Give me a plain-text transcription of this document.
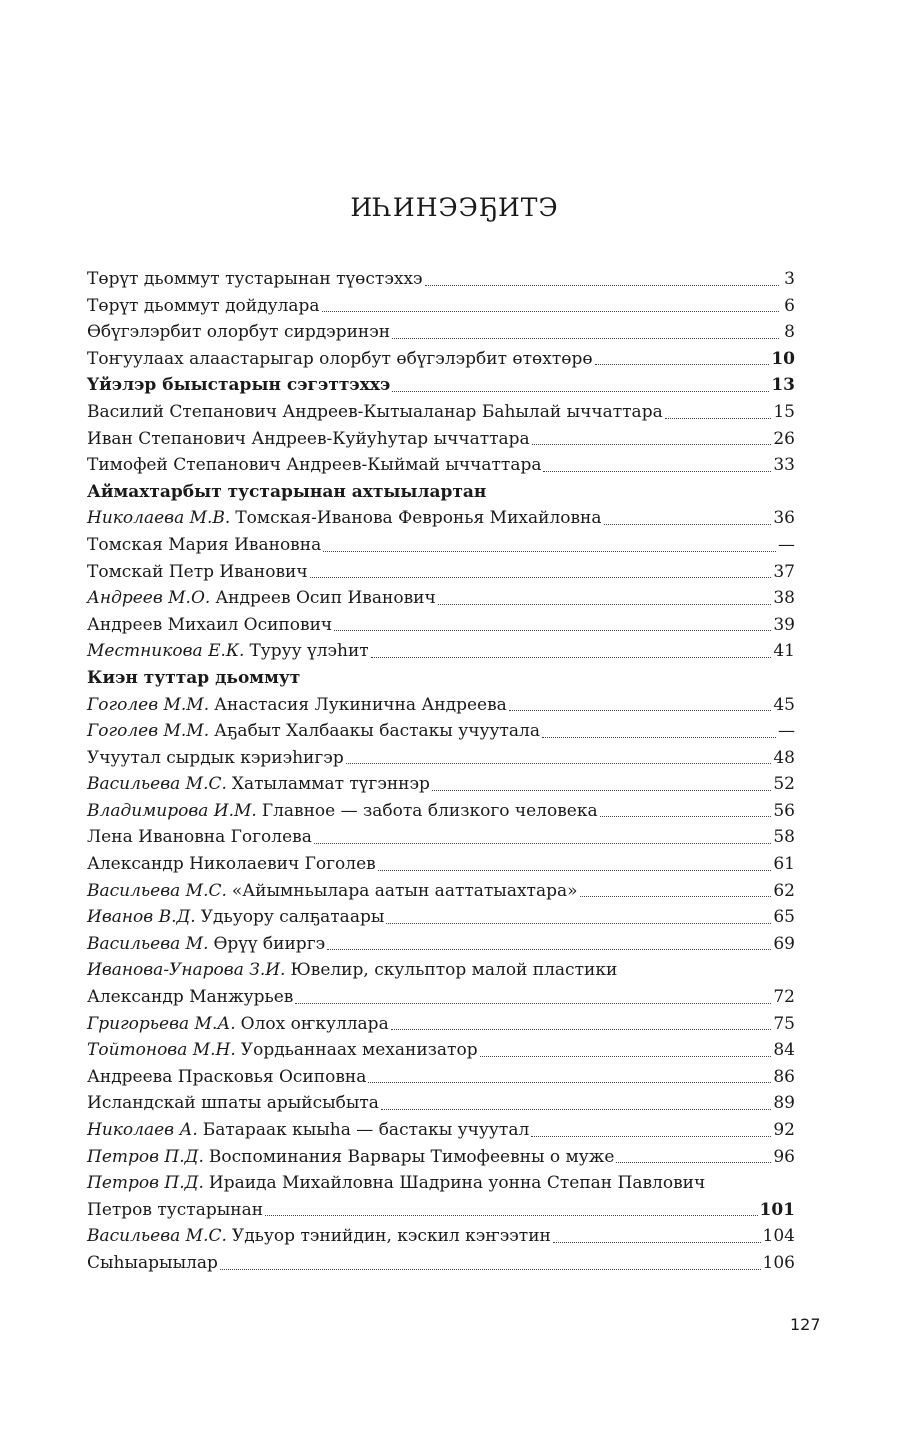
ИҺИНЭЭҔИТЭ
Төрүт дьоммут тустарынан түөстэхxэ	3
Төрүт дьоммут дойдулара	6
Өбүгэлэрбит олорбут сирдэринэн	8
Тоҥуулаах алаастарыгар олорбут өбүгэлэрбит өтөхтөрө	10
Үйэлэр быыстарын сэгэттэхxэ	13
Василий Степанович Андреев-Кытыаланар Баһылай ыччаттара	15
Иван Степанович Андреев-Куйуһутар ыччаттара	26
Тимофей Степанович Андреев-Кыймай ыччаттара	33
Аймахтарбыт тустарынан ахтыылартан
Николаева М.В. Томская-Иванова Февронья Михайловна	36
Томская Мария Ивановна	—
Томскай Петр Иванович	37
Андреев М.О. Андреев Осип Иванович	38
Андреев Михаил Осипович	39
Местникова Е.К. Туруу үлэһит	41
Киэн туттар дьоммут
Гоголев М.М. Анастасия Лукинична Андреева	45
Гоголев М.М. Аҕабыт Халбаакы бастакы учуутала	—
Учуутал сырдык кэриэһигэр	48
Васильева М.С. Хатыламмат түгэннэр	52
Владимирова И.М. Главное — забота близкого человека	56
Лена Ивановна Гоголева	58
Александр Николаевич Гоголев	61
Васильева М.С. «Айымньылара аатын ааттатыахтара»	62
Иванов В.Д. Удьуору салҕатаары	65
Васильева М. Өрүү бииргэ	69
Иванова-Унарова З.И. Ювелир, скульптор малой пластики
Александр Манжурьев	72
Григорьева М.А. Олох оҥкуллара	75
Тойтонова М.Н. Уордьаннаах механизатор	84
Андреева Прасковья Осиповна	86
Исландскай шпаты арыйсыбыта	89
Николаев А. Батараак кыыһа — бастакы учуутал	92
Петров П.Д. Воспоминания Варвары Тимофеевны о муже	96
Петров П.Д. Ираида Михайловна Шадрина уонна Степан Павлович
Петров тустарынан	101
Васильева М.С. Удьуор тэнийдин, кэскил кэҥээтин	104
Сыһыарыылар	106
127
